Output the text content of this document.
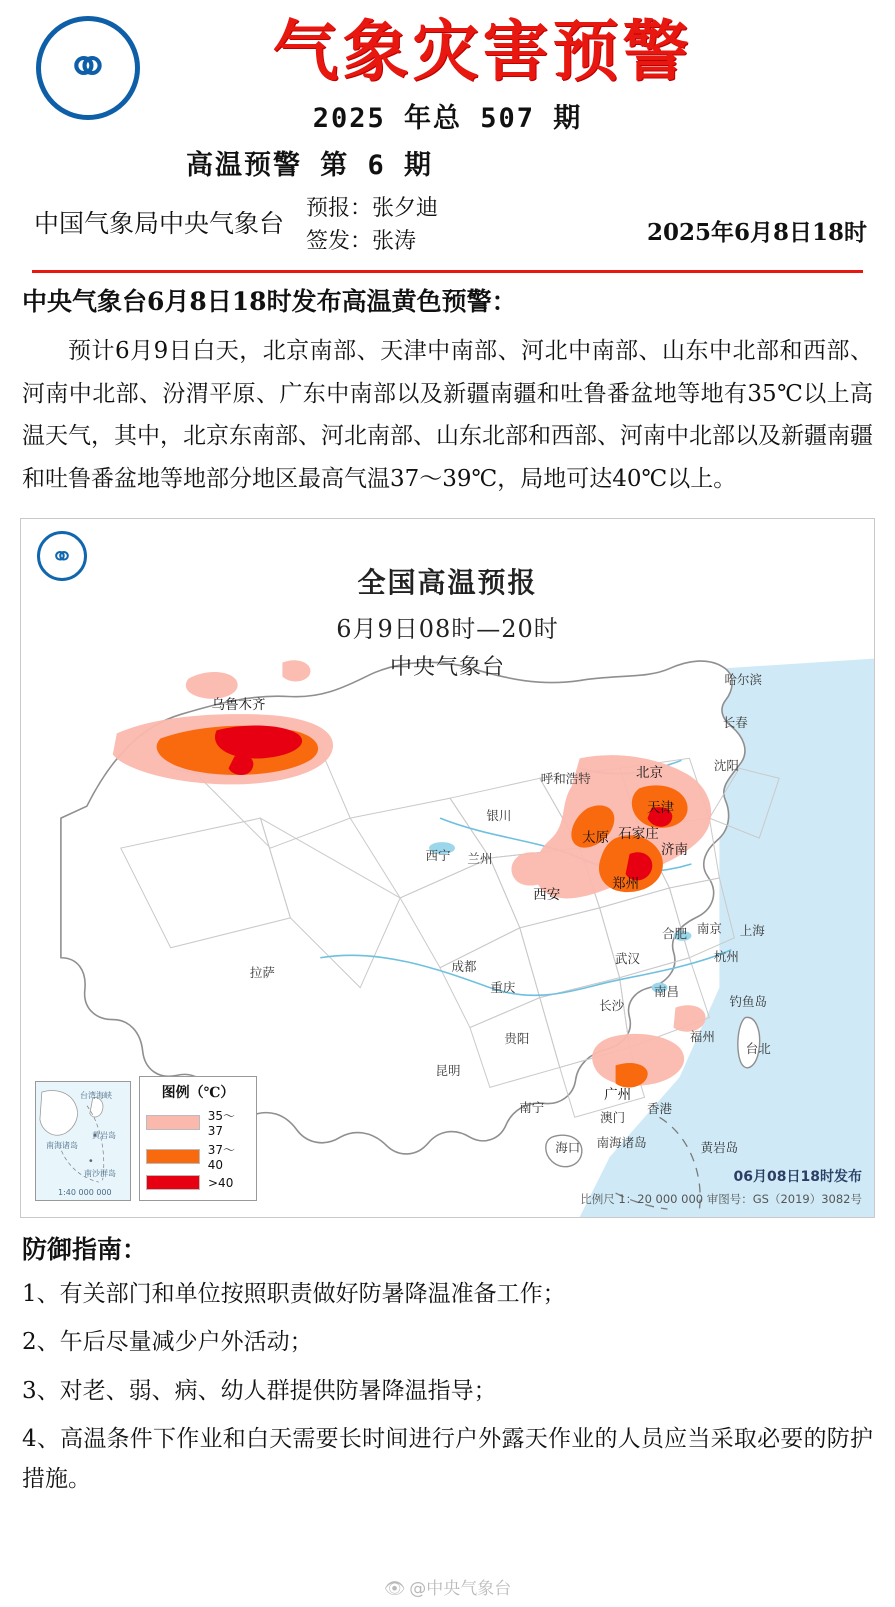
⚭	气象灾害预警
2025 年总 507 期
高温预警 第 6 期
中国气象局中央气象台
预报：张夕迪
签发：张涛	2025年6月8日18时
中央气象台6月8日18时发布高温黄色预警：
预计6月9日白天，北京南部、天津中南部、河北中南部、山东中北部和西部、河南中北部、汾渭平原、广东中南部以及新疆南疆和吐鲁番盆地等地有35℃以上高温天气，其中，北京东南部、河北南部、山东北部和西部、河南中北部以及新疆南疆和吐鲁番盆地等地部分地区最高气温37～39℃，局地可达40℃以上。
⚭
全国高温预报
6月9日08时—20时
中央气象台
乌鲁木齐
哈尔滨
长春
沈阳
呼和浩特	北京
天津
银川
太原 石家庄
济南
西宁 兰州
郑州
西安
合肥 南京 上海
杭州
成都
武汉
重庆	南昌
拉萨
长沙
贵阳	福州
台北
昆明
广州
香港
澳门
南宁
海口 南海诸岛
钓鱼岛
黄岩岛
台湾海峡
南海诸岛
黄岩岛
南沙群岛
1:40 000 000
图例（℃）
35～37
37～40
>40	06月08日18时发布
比例尺 1：20 000 000 审图号：GS（2019）3082号
防御指南：
1、有关部门和单位按照职责做好防暑降温准备工作；
2、午后尽量减少户外活动；
3、对老、弱、病、幼人群提供防暑降温指导；
4、高温条件下作业和白天需要长时间进行户外露天作业的人员应当采取必要的防护措施。
👁 @中央气象台
